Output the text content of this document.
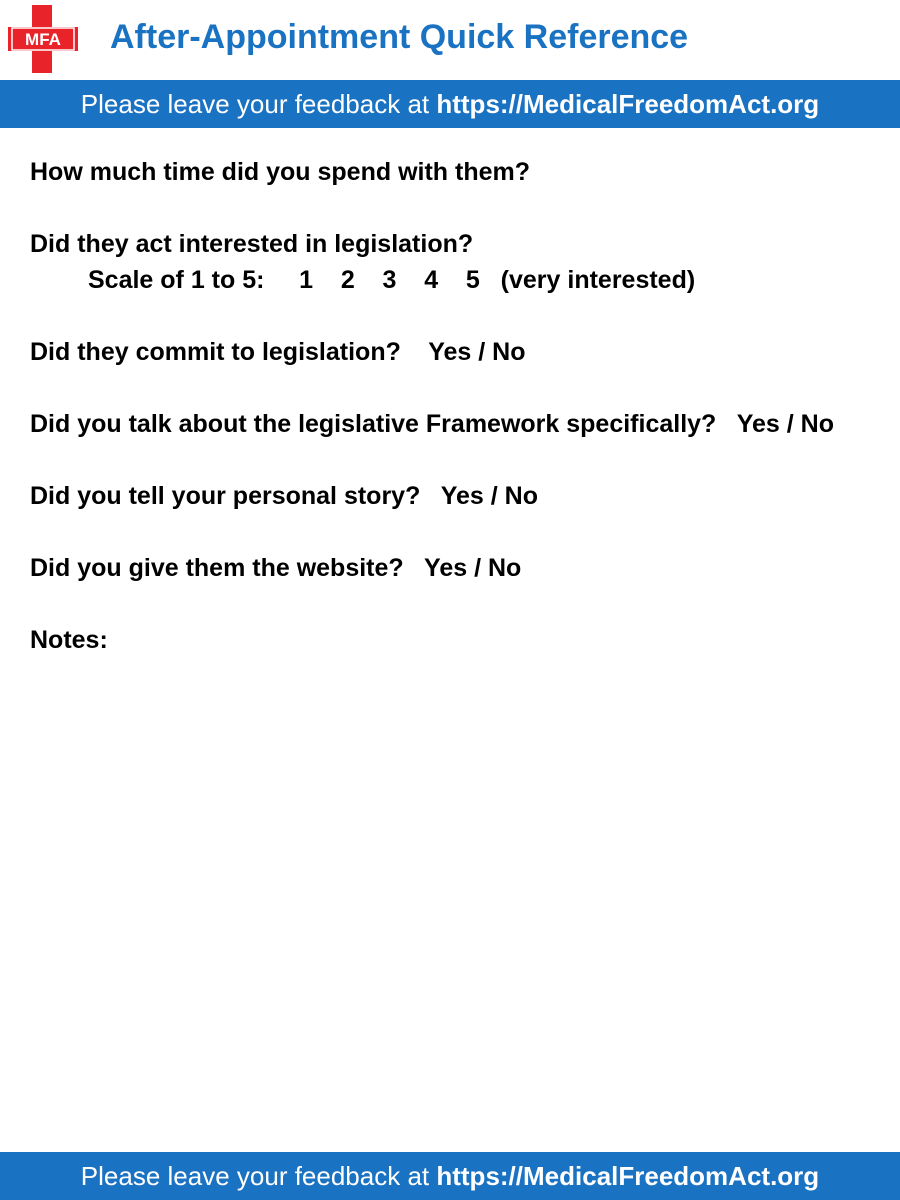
MFA After-Appointment Quick Reference
Please leave your feedback at https://MedicalFreedomAct.org
How much time did you spend with them?
Did they act interested in legislation?
Scale of 1 to 5:     1    2    3    4    5   (very interested)
Did they commit to legislation?    Yes / No
Did you talk about the legislative Framework specifically?   Yes / No
Did you tell your personal story?   Yes / No
Did you give them the website?   Yes / No
Notes:
Please leave your feedback at https://MedicalFreedomAct.org
